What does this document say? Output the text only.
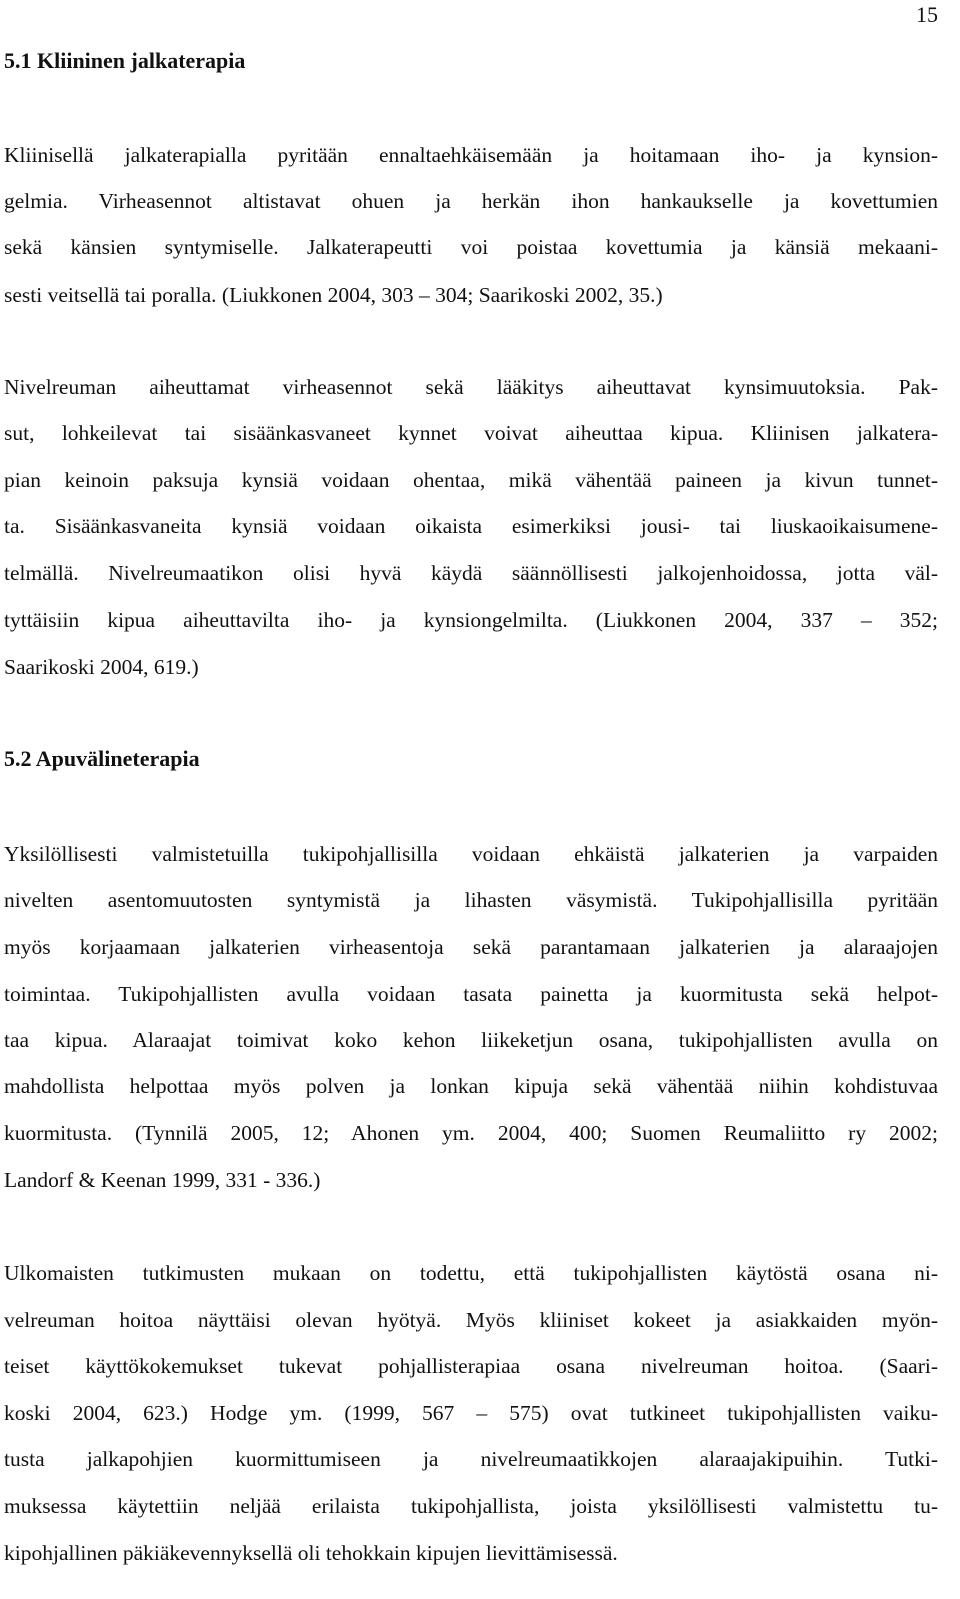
15
5.1 Kliininen jalkaterapia
Kliinisellä jalkaterapialla pyritään ennaltaehkäisemään ja hoitamaan iho- ja kynsion-
gelmia. Virheasennot altistavat ohuen ja herkän ihon hankaukselle ja kovettumien
sekä känsien syntymiselle. Jalkaterapeutti voi poistaa kovettumia ja känsiä mekaani-
sesti veitsellä tai poralla. (Liukkonen 2004, 303 – 304; Saarikoski 2002, 35.)
Nivelreuman aiheuttamat virheasennot sekä lääkitys aiheuttavat kynsimuutoksia. Pak-
sut, lohkeilevat tai sisäänkasvaneet kynnet voivat aiheuttaa kipua. Kliinisen jalkatera-
pian keinoin paksuja kynsiä voidaan ohentaa, mikä vähentää paineen ja kivun tunnet-
ta. Sisäänkasvaneita kynsiä voidaan oikaista esimerkiksi jousi- tai liuskaoikaisumene-
telmällä. Nivelreumaatikon olisi hyvä käydä säännöllisesti jalkojenhoidossa, jotta väl-
tyttäisiin kipua aiheuttavilta iho- ja kynsiongelmilta. (Liukkonen 2004, 337 – 352;
Saarikoski 2004, 619.)
5.2 Apuvälineterapia
Yksilöllisesti valmistetuilla tukipohjallisilla voidaan ehkäistä jalkaterien ja varpaiden
nivelten asentomuutosten syntymistä ja lihasten väsymistä. Tukipohjallisilla pyritään
myös korjaamaan jalkaterien virheasentoja sekä parantamaan jalkaterien ja alaraajojen
toimintaa. Tukipohjallisten avulla voidaan tasata painetta ja kuormitusta sekä helpot-
taa kipua. Alaraajat toimivat koko kehon liikeketjun osana, tukipohjallisten avulla on
mahdollista helpottaa myös polven ja lonkan kipuja sekä vähentää niihin kohdistuvaa
kuormitusta. (Tynnilä 2005, 12; Ahonen ym. 2004, 400; Suomen Reumaliitto ry 2002;
Landorf & Keenan 1999, 331 - 336.)
Ulkomaisten tutkimusten mukaan on todettu, että tukipohjallisten käytöstä osana ni-
velreuman hoitoa näyttäisi olevan hyötyä. Myös kliiniset kokeet ja asiakkaiden myön-
teiset käyttökokemukset tukevat pohjallisterapiaa osana nivelreuman hoitoa. (Saari-
koski 2004, 623.) Hodge ym. (1999, 567 – 575) ovat tutkineet tukipohjallisten vaiku-
tusta jalkapohjien kuormittumiseen ja nivelreumaatikkojen alaraajakipuihin. Tutki-
muksessa käytettiin neljää erilaista tukipohjallista, joista yksilöllisesti valmistettu tu-
kipohjallinen päkiäkevennyksellä oli tehokkain kipujen lievittämisessä.
